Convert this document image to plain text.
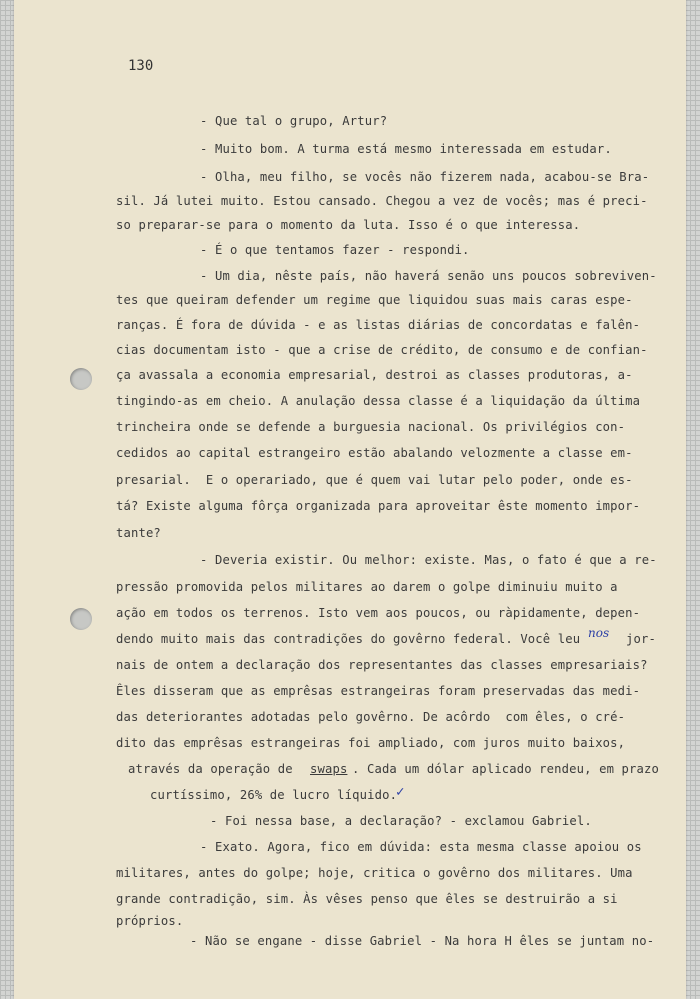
130
- Que tal o grupo, Artur?
- Muito bom. A turma está mesmo interessada em estudar.
- Olha, meu filho, se vocês não fizerem nada, acabou-se Bra-
sil. Já lutei muito. Estou cansado. Chegou a vez de vocês; mas é preci-
so preparar-se para o momento da luta. Isso é o que interessa.
- É o que tentamos fazer - respondi.
- Um dia, nêste país, não haverá senão uns poucos sobreviven-
tes que queiram defender um regime que liquidou suas mais caras espe-
ranças. É fora de dúvida - e as listas diárias de concordatas e falên-
cias documentam isto - que a crise de crédito, de consumo e de confian-
ça avassala a economia empresarial, destroi as classes produtoras, a-
tingindo-as em cheio. A anulação dessa classe é a liquidação da última
trincheira onde se defende a burguesia nacional. Os privilégios con-
cedidos ao capital estrangeiro estão abalando velozmente a classe em-
presarial.  E o operariado, que é quem vai lutar pelo poder, onde es-
tá? Existe alguma fôrça organizada para aproveitar êste momento impor-
tante?
- Deveria existir. Ou melhor: existe. Mas, o fato é que a re-
pressão promovida pelos militares ao darem o golpe diminuiu muito a
ação em todos os terrenos. Isto vem aos poucos, ou ràpidamente, depen-
dendo muito mais das contradições do govêrno federal. Você leu nos jor-
nais de ontem a declaração dos representantes das classes empresariais?
Êles disseram que as emprêsas estrangeiras foram preservadas das medi-
das deteriorantes adotadas pelo govêrno. De acôrdo  com êles, o cré-
dito das emprêsas estrangeiras foi ampliado, com juros muito baixos,
através da operação de swaps . Cada um dólar aplicado rendeu, em prazo
curtíssimo, 26% de lucro líquido.
✓
- Foi nessa base, a declaração? - exclamou Gabriel.
- Exato. Agora, fico em dúvida: esta mesma classe apoiou os
militares, antes do golpe; hoje, critica o govêrno dos militares. Uma
grande contradição, sim. Às vêses penso que êles se destruirão a si
próprios.
- Não se engane - disse Gabriel - Na hora H êles se juntam no-
